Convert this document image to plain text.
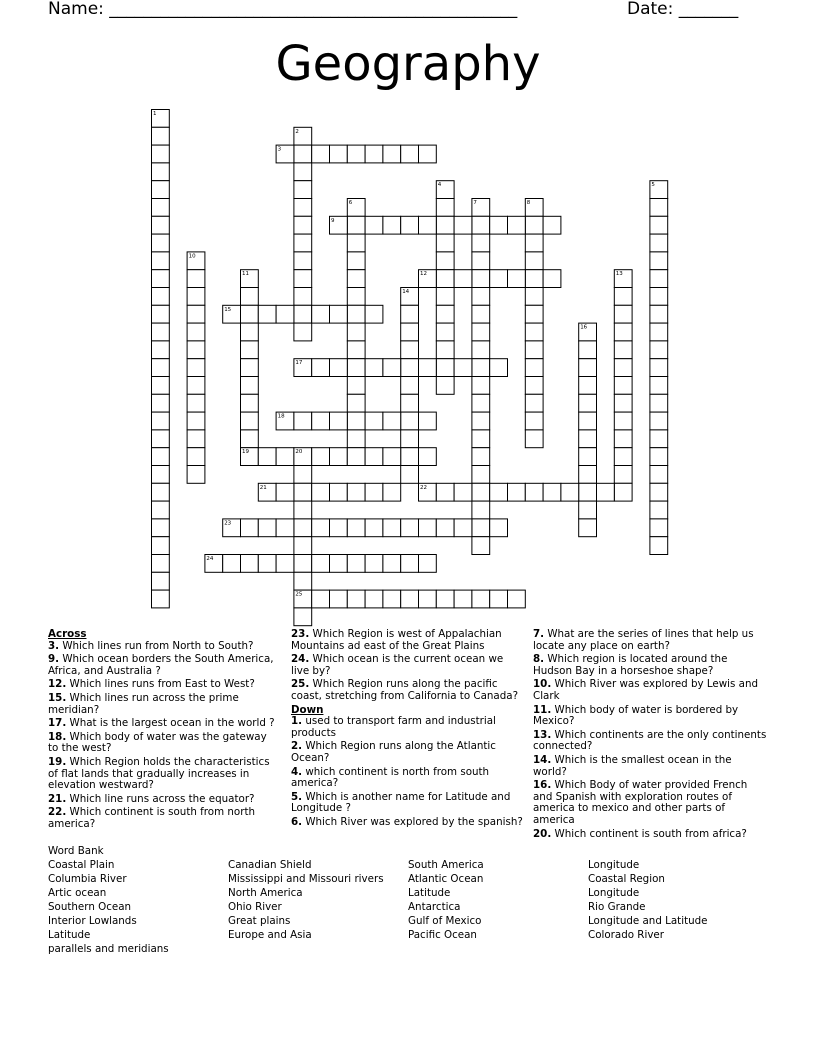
Name: ________________________________________________	Date: _______
Geography
1
2
3
4	5
6	7	8
9
10
11	12	13
14
15
16
17
18
19	20
21	22
23
24
25
Across
3. Which lines run from North to South?
9. Which ocean borders the South America, Africa, and Australia ?
12. Which lines runs from East to West?
15. Which lines run across the prime meridian?
17. What is the largest ocean in the world ?
18. Which body of water was the gateway to the west?
19. Which Region holds the characteristics of flat lands that gradually increases in elevation westward?
21. Which line runs across the equator?
22. Which continent is south from north america?
23. Which Region is west of Appalachian Mountains ad east of the Great Plains
24. Which ocean is the current ocean we live by?
25. Which Region runs along the pacific coast, stretching from California to Canada?
Down
1. used to transport farm and industrial products
2. Which Region runs along the Atlantic Ocean?
4. which continent is north from south america?
5. Which is another name for Latitude and Longitude ?
6. Which River was explored by the spanish?
7. What are the series of lines that help us locate any place on earth?
8. Which region is located around the Hudson Bay in a horseshoe shape?
10. Which River was explored by Lewis and Clark
11. Which body of water is bordered by Mexico?
13. Which continents are the only continents connected?
14. Which is the smallest ocean in the world?
16. Which Body of water provided French and Spanish with exploration routes of america to mexico and other parts of america
20. Which continent is south from africa?
Word Bank
Coastal Plain
Columbia River
Artic ocean
Southern Ocean
Interior Lowlands
Latitude
parallels and meridians
Canadian Shield
Mississippi and Missouri rivers
North America
Ohio River
Great plains
Europe and Asia
South America
Atlantic Ocean
Latitude
Antarctica
Gulf of Mexico
Pacific Ocean
Longitude
Coastal Region
Longitude
Rio Grande
Longitude and Latitude
Colorado River
